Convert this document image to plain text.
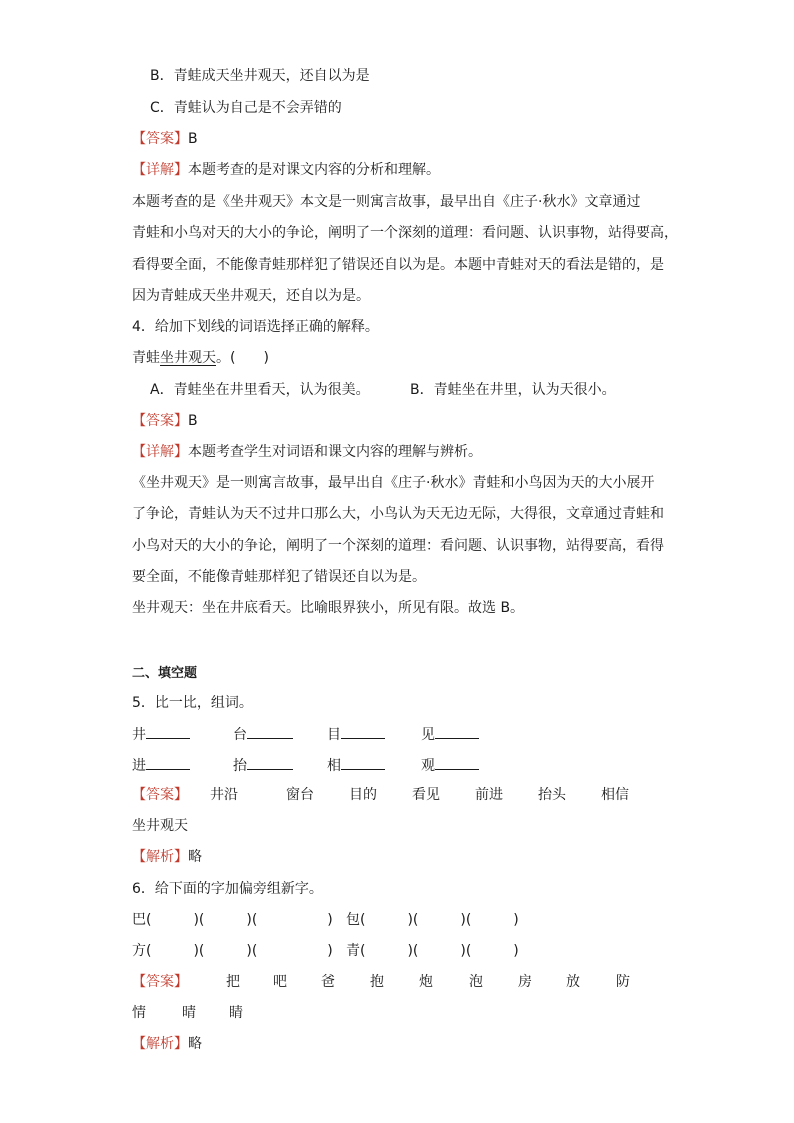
B．青蛙成天坐井观天，还自以为是
C．青蛙认为自己是不会弄错的
【答案】B
【详解】本题考查的是对课文内容的分析和理解。
本题考查的是《坐井观天》本文是一则寓言故事，最早出自《庄子·秋水》文章通过
青蛙和小鸟对天的大小的争论，阐明了一个深刻的道理：看问题、认识事物，站得要高，
看得要全面，不能像青蛙那样犯了错误还自以为是。本题中青蛙对天的看法是错的，是
因为青蛙成天坐井观天，还自以为是。
4．给加下划线的词语选择正确的解释。
青蛙坐井观天。(　　)
A．青蛙坐在井里看天，认为很美。	B．青蛙坐在井里，认为天很小。
【答案】B
【详解】本题考查学生对词语和课文内容的理解与辨析。
《坐井观天》是一则寓言故事，最早出自《庄子·秋水》青蛙和小鸟因为天的大小展开
了争论，青蛙认为天不过井口那么大，小鸟认为天无边无际，大得很，文章通过青蛙和
小鸟对天的大小的争论，阐明了一个深刻的道理：看问题、认识事物，站得要高，看得
要全面，不能像青蛙那样犯了错误还自以为是。
坐井观天：坐在井底看天。比喻眼界狭小，所见有限。故选 B。
二、填空题
5．比一比，组词。
井	台	目	见
进	抬	相	观
【答案】 井沿	窗台	目的	看见	前进	抬头	相信
坐井观天
【解析】略
6．给下面的字加偏旁组新字。
巴(　　　)(　　　)(　　　　　) 包(　　　)(　　　)(　　　)
方(　　　)(　　　)(　　　　　) 青(　　　)(　　　)(　　　)
【答案】	把 吧 爸	抱	炮	泡	房 放	防
情	晴 睛
【解析】略
